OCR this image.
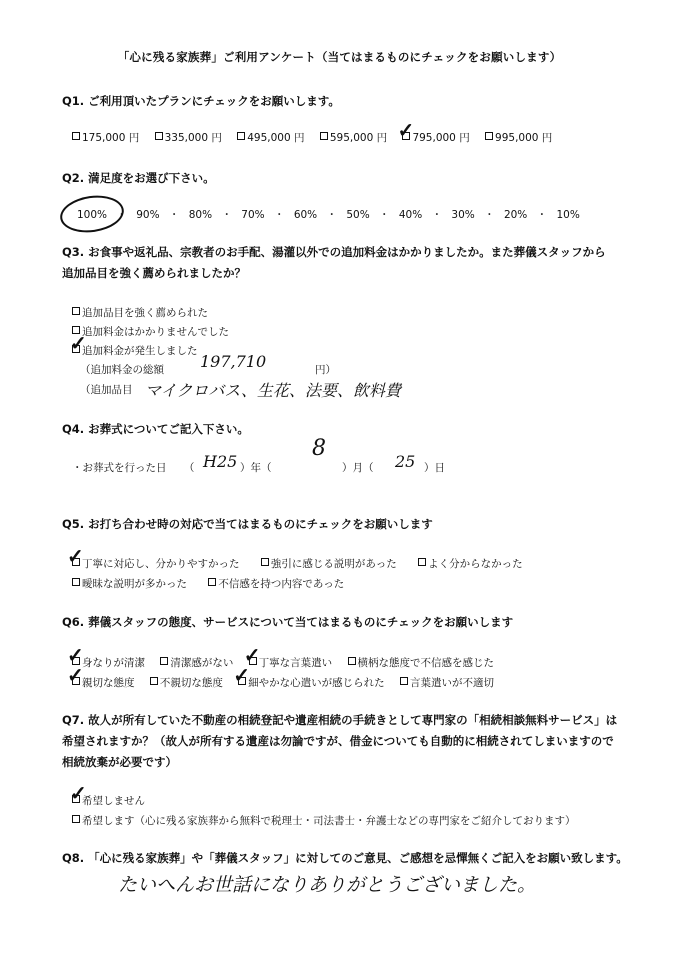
「心に残る家族葬」ご利用アンケート（当てはまるものにチェックをお願いします）
Q1. ご利用頂いたプランにチェックをお願いします。
175,000 円 335,000 円 495,000 円 595,000 円 ✓
795,000 円 995,000 円
Q2. 満足度をお選び下さい。
100% ・ 90% ・ 80% ・ 70% ・ 60% ・ 50% ・ 40% ・ 30% ・ 20% ・ 10%
Q3. お食事や返礼品、宗教者のお手配、湯灌以外での追加料金はかかりましたか。また葬儀スタッフから
追加品目を強く薦められましたか？
追加品目を強く薦められた
追加料金はかかりませんでした
✓
追加料金が発生しました
（追加料金の総額 197,710	円）
（追加品目 マイクロバス、生花、法要、飲料費
Q4. お葬式についてご記入下さい。
・お葬式を行った日 （ H25 ）年（
8
）月（ 25 ）日
Q5. お打ち合わせ時の対応で当てはまるものにチェックをお願いします
✓
丁寧に対応し、分かりやすかった	強引に感じる説明があった	よく分からなかった
曖昧な説明が多かった	不信感を持つ内容であった
Q6. 葬儀スタッフの態度、サービスについて当てはまるものにチェックをお願いします
✓
身なりが清潔 清潔感がない ✓
丁寧な言葉遣い 横柄な態度で不信感を感じた
✓
親切な態度 不親切な態度 ✓
細やかな心遣いが感じられた 言葉遣いが不適切
Q7. 故人が所有していた不動産の相続登記や遺産相続の手続きとして専門家の「相続相談無料サービス」は
希望されますか？（故人が所有する遺産は勿論ですが、借金についても自動的に相続されてしまいますので
相続放棄が必要です）
✓
希望しません
希望します（心に残る家族葬から無料で税理士・司法書士・弁護士などの専門家をご紹介しております）
Q8. 「心に残る家族葬」や「葬儀スタッフ」に対してのご意見、ご感想を忌憚無くご記入をお願い致します。
たいへんお世話になりありがとうございました。
